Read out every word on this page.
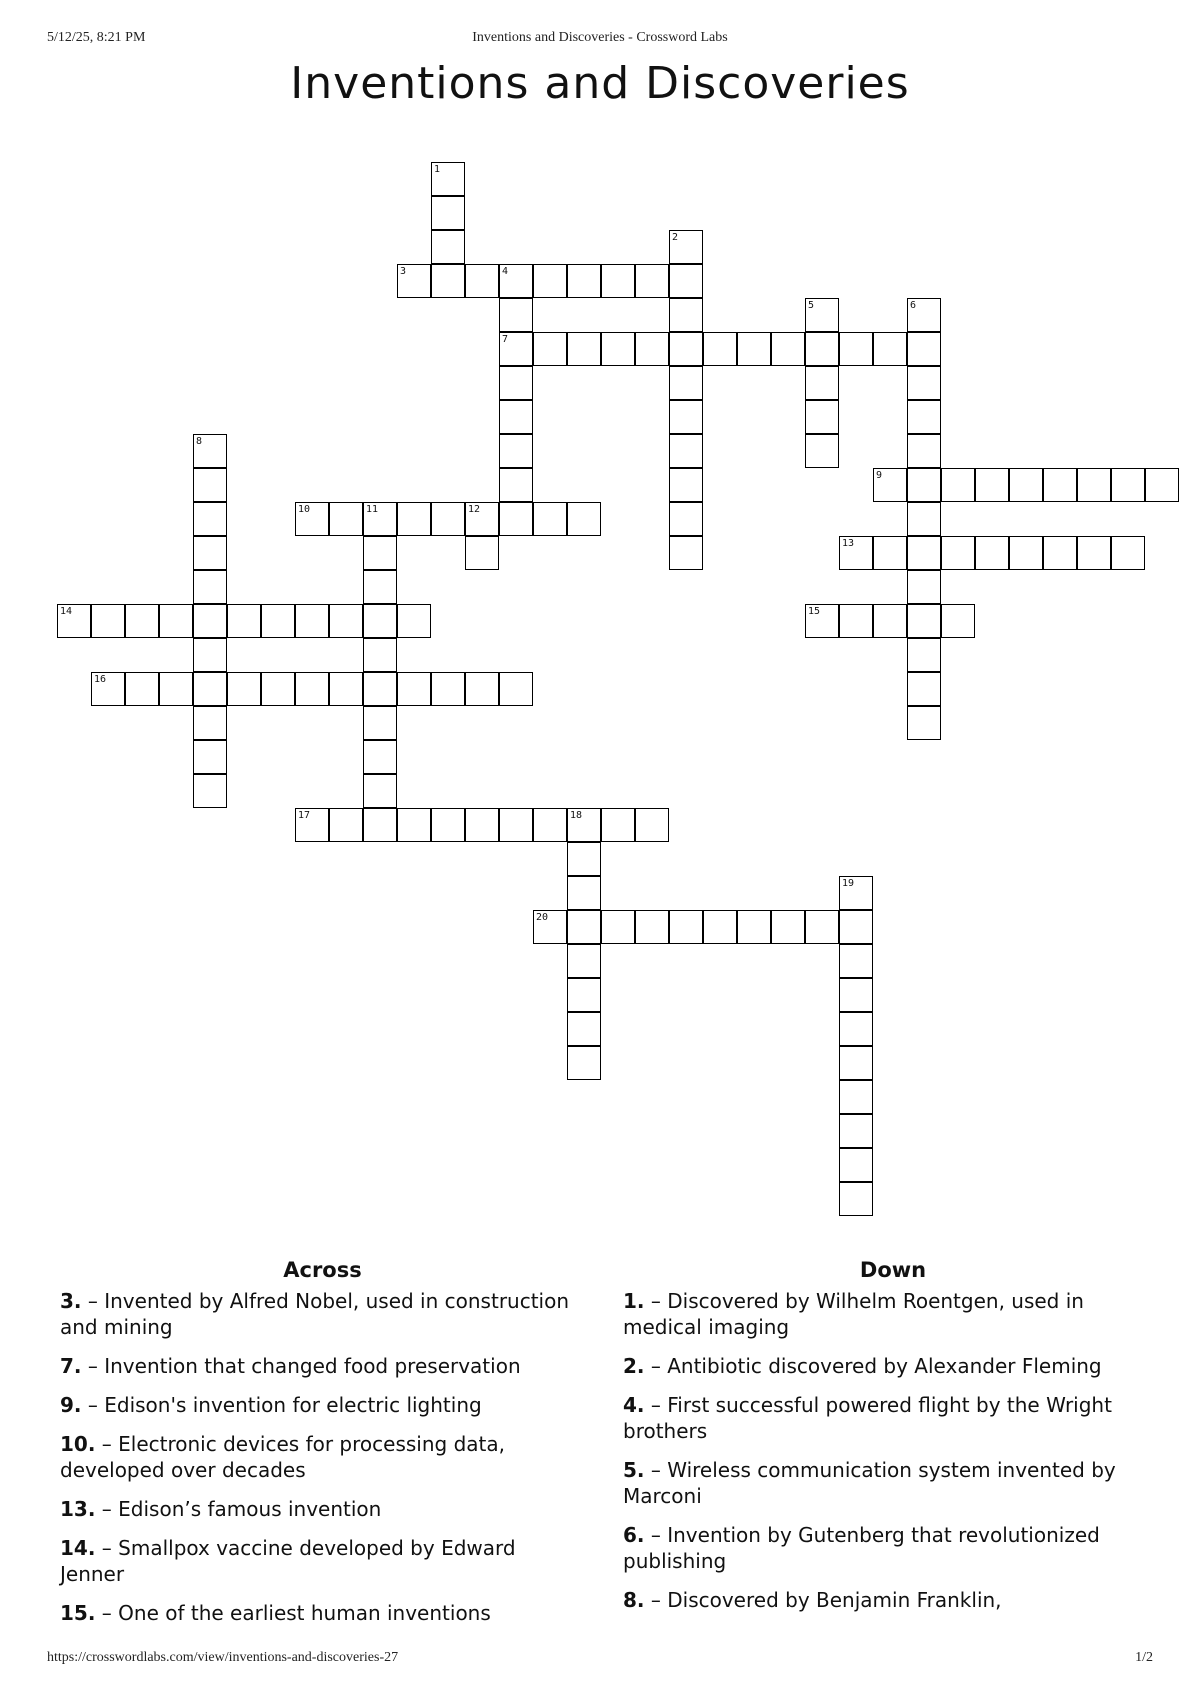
5/12/25, 8:21 PM	Inventions and Discoveries - Crossword Labs
Inventions and Discoveries
1
2
3	4
7
5	6
8
9
10	11	12
13
14	15
16
17	18
19
20
Across
3. – Invented by Alfred Nobel, used in construction and mining
7. – Invention that changed food preservation
9. – Edison's invention for electric lighting
10. – Electronic devices for processing data, developed over decades
13. – Edison’s famous invention
14. – Smallpox vaccine developed by Edward Jenner
15. – One of the earliest human inventions
Down
1. – Discovered by Wilhelm Roentgen, used in medical imaging
2. – Antibiotic discovered by Alexander Fleming
4. – First successful powered flight by the Wright brothers
5. – Wireless communication system invented by Marconi
6. – Invention by Gutenberg that revolutionized publishing
8. – Discovered by Benjamin Franklin,
https://crosswordlabs.com/view/inventions-and-discoveries-27	1/2
